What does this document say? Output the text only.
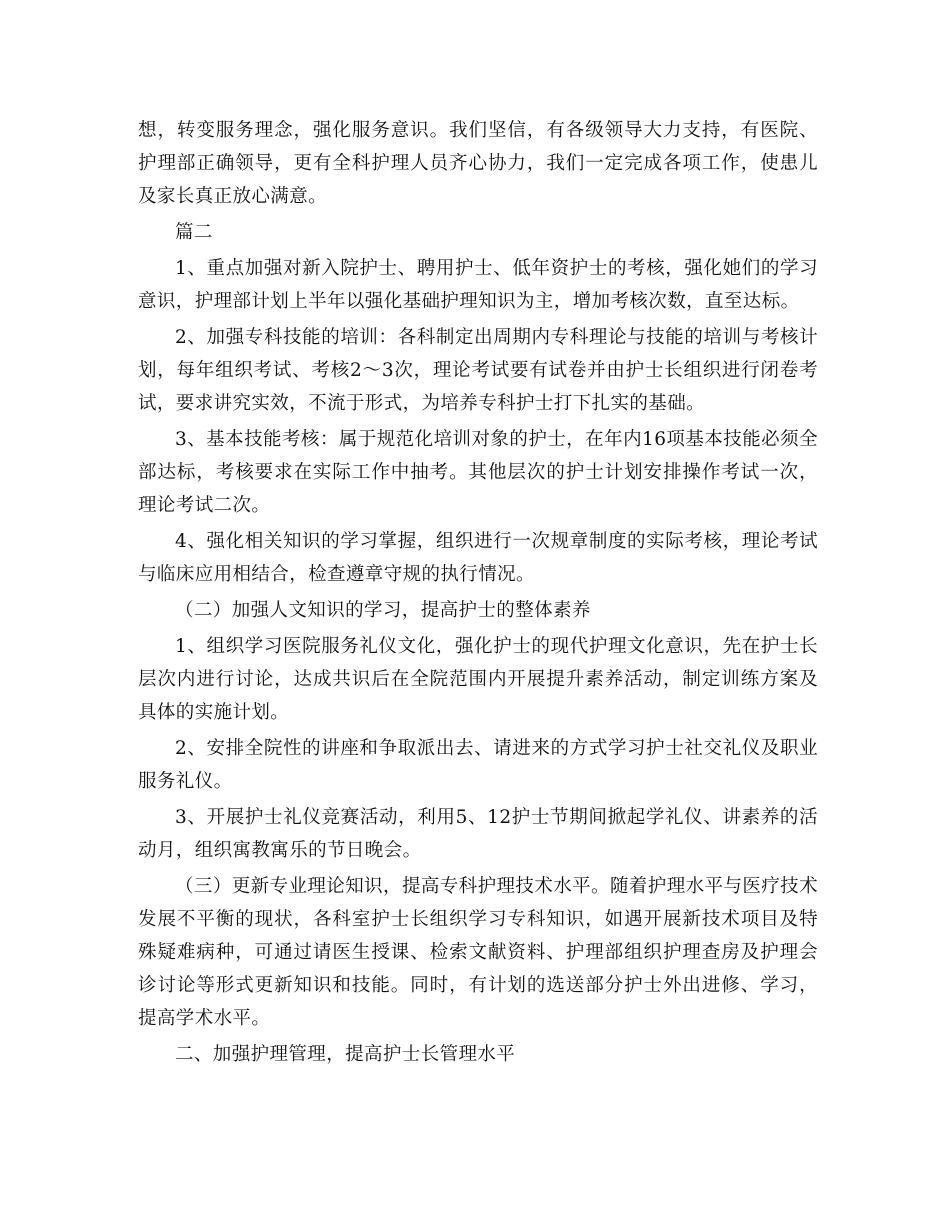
想，转变服务理念，强化服务意识。我们坚信，有各级领导大力支持，有医院、护理部正确领导，更有全科护理人员齐心协力，我们一定完成各项工作，使患儿及家长真正放心满意。

篇二

1、重点加强对新入院护士、聘用护士、低年资护士的考核，强化她们的学习意识，护理部计划上半年以强化基础护理知识为主，增加考核次数，直至达标。

2、加强专科技能的培训：各科制定出周期内专科理论与技能的培训与考核计划，每年组织考试、考核2～3次，理论考试要有试卷并由护士长组织进行闭卷考试，要求讲究实效，不流于形式，为培养专科护士打下扎实的基础。

3、基本技能考核：属于规范化培训对象的护士，在年内16项基本技能必须全部达标，考核要求在实际工作中抽考。其他层次的护士计划安排操作考试一次，理论考试二次。

4、强化相关知识的学习掌握，组织进行一次规章制度的实际考核，理论考试与临床应用相结合，检查遵章守规的执行情况。

（二）加强人文知识的学习，提高护士的整体素养

1、组织学习医院服务礼仪文化，强化护士的现代护理文化意识，先在护士长层次内进行讨论，达成共识后在全院范围内开展提升素养活动，制定训练方案及具体的实施计划。

2、安排全院性的讲座和争取派出去、请进来的方式学习护士社交礼仪及职业服务礼仪。

3、开展护士礼仪竞赛活动，利用5、12护士节期间掀起学礼仪、讲素养的活动月，组织寓教寓乐的节日晚会。

（三）更新专业理论知识，提高专科护理技术水平。随着护理水平与医疗技术发展不平衡的现状，各科室护士长组织学习专科知识，如遇开展新技术项目及特殊疑难病种，可通过请医生授课、检索文献资料、护理部组织护理查房及护理会诊讨论等形式更新知识和技能。同时，有计划的选送部分护士外出进修、学习，提高学术水平。

二、加强护理管理，提高护士长管理水平
